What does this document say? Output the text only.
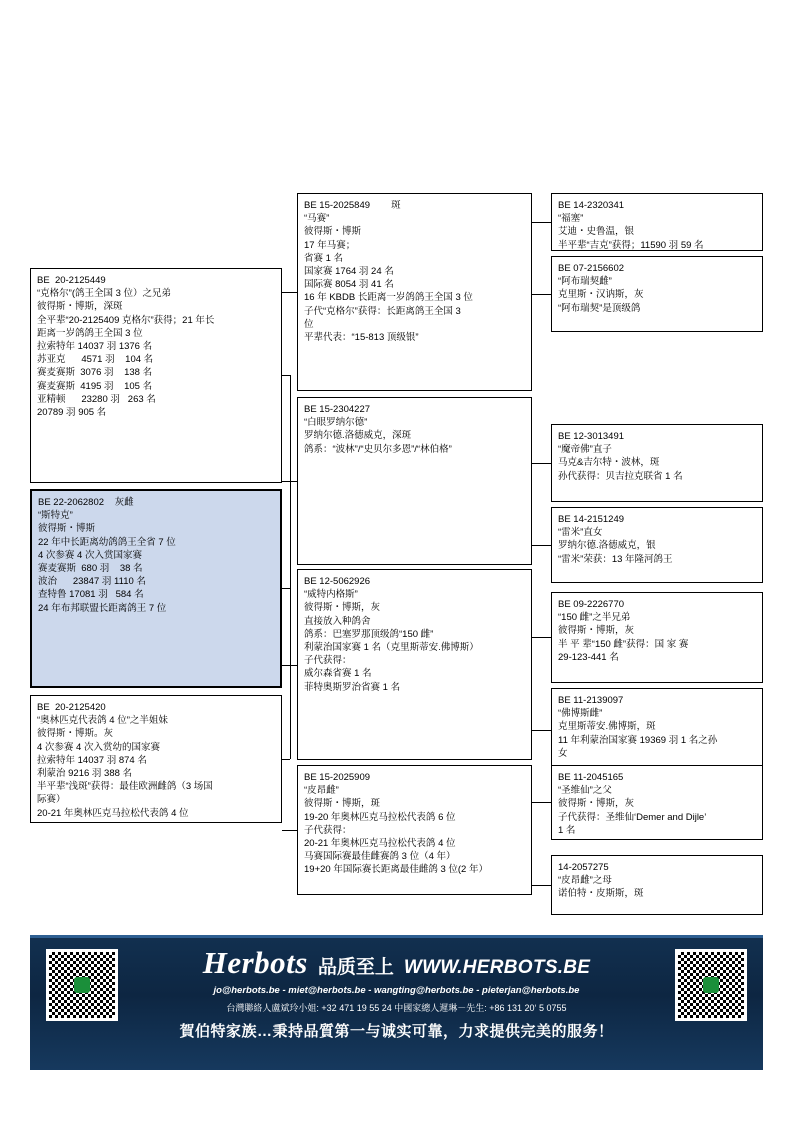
BE  20-2125449
“克格尔”(鸽王全国 3 位）之兄弟
彼得斯・博斯，深斑
全平辈“20-2125409 克格尔”获得；21 年长
距离一岁鸽鸽王全国 3 位
拉索特年 14037 羽 1376 名
苏亚克      4571 羽    104 名
赛麦赛斯  3076 羽    138 名
赛麦赛斯  4195 羽    105 名
亚精顿      23280 羽   263 名
20789 羽 905 名
BE 22-2062802    灰雌
“斯特克”
彼得斯・博斯
22 年中长距离幼鸽鸽王全省 7 位
4 次参赛 4 次入赏国家赛
赛麦赛斯  680 羽    38 名
波治      23847 羽 1110 名
查特鲁 17081 羽   584 名
24 年布邦联盟长距离鸽王 7 位
BE  20-2125420
“奥林匹克代表鸽 4 位”之半姐妹
彼得斯・博斯。灰
4 次参赛 4 次入赏幼的国家赛
拉索特年 14037 羽 874 名
利蒙治 9216 羽 388 名
半平辈“浅斑”获得：最佳欧洲雌鸽（3 场国
际赛）
20-21 年奥林匹克马拉松代表鸽 4 位
BE 15-2025849        斑
“马赛”
彼得斯・博斯
17 年马赛；
省赛 1 名
国家赛 1764 羽 24 名
国际赛 8054 羽 41 名
16 年 KBDB 长距离一岁鸽鸽王全国 3 位
子代“克格尔”获得：长距离鸽王全国 3
位
平辈代表：“15-813 顶级银”
BE 15-2304227
“白眼罗纳尔德”
罗纳尔德.洛德威克，深斑
鸽系：“波林”/“史贝尔多恩”/“林伯格”
BE 12-5062926
“威特内格斯”
彼得斯・博斯，灰
直接放入种鸽舍
鸽系：巴塞罗那顶级鸽“150 雌”
利蒙治国家赛 1 名（克里斯蒂安.佛博斯）
子代获得：
威尔森省赛 1 名
菲特奥斯罗治省赛 1 名
BE 15-2025909
“皮昂雌”
彼得斯・博斯，斑
19-20 年奥林匹克马拉松代表鸽 6 位
子代获得：
20-21 年奥林匹克马拉松代表鸽 4 位
马赛国际赛最佳雌赛鸽 3 位（4 年）
19+20 年国际赛长距离最佳雌鸽 3 位(2 年）
BE 14-2320341
“福塞”
艾迪・史鲁温，银
半平辈“吉克”获得；11590 羽 59 名
BE 07-2156602
“阿布瑞契雌”
克里斯・汉讷斯，灰
“阿布瑞契”是顶级鸽
BE 12-3013491
“魔帝佛”直子
马克&吉尔特・波林，斑
孙代获得：贝吉拉克联省 1 名
BE 14-2151249
“雷米”直女
罗纳尔德.洛德威克，银
“雷米”荣获：13 年隆河鸽王
BE 09-2226770
“150 雌”之半兄弟
彼得斯・博斯，灰
半 平 辈“150 雌”获得：国 家 赛
29-123-441 名
BE 11-2139097
“佛博斯雌”
克里斯蒂安.佛博斯，斑
11 年利蒙治国家赛 19369 羽 1 名之孙
女
BE 11-2045165
“圣维仙”之父
彼得斯・博斯，灰
子代获得：圣维仙‘Demer and Dijle’
1 名
14-2057275
“皮昂雌”之母
诺伯特・皮斯斯，斑
Herbots 品质至上 WWW.HERBOTS.BE
jo@herbots.be - miet@herbots.be - wangting@herbots.be - pieterjan@herbots.be
台灣聯絡人盧斌玲小姐: +32 471 19 55 24 中國家總人遲琳－先生: +86 131 20‘ 5 0755
賀伯特家族…秉持品質第一与诚实可靠，力求提供完美的服务！
